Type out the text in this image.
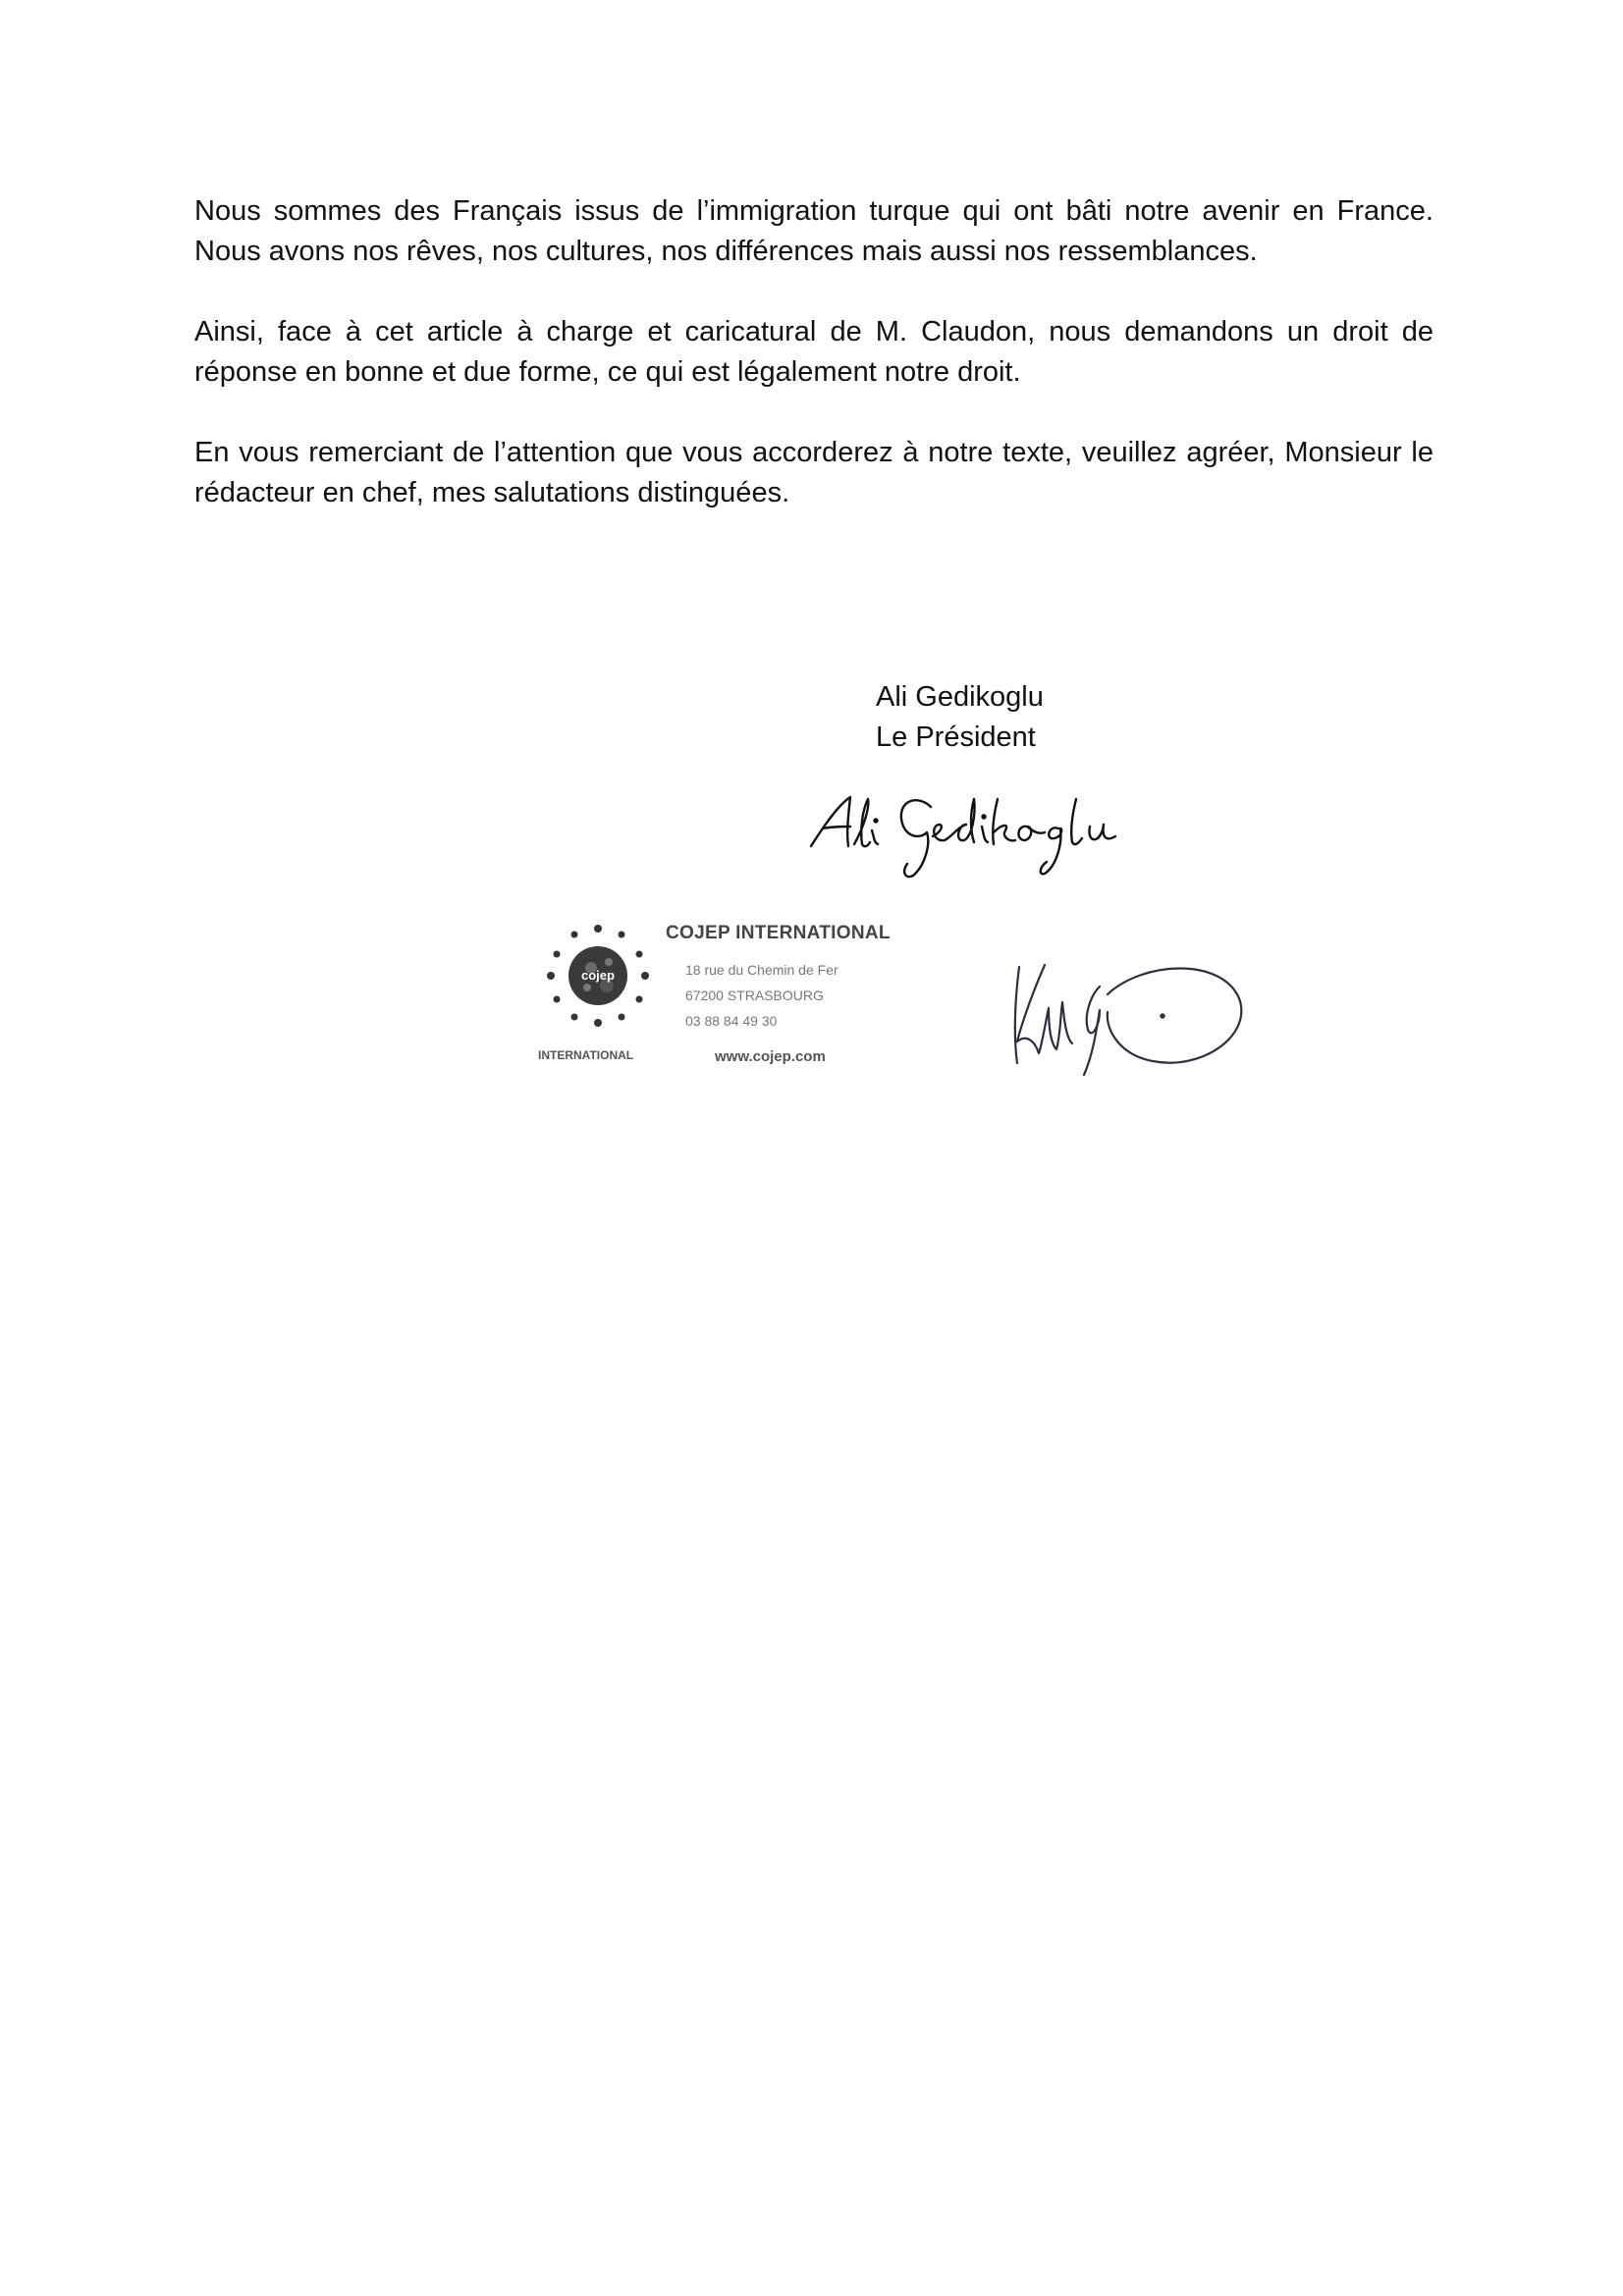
Nous sommes des Français issus de l’immigration turque qui ont bâti notre avenir en France. Nous avons nos rêves, nos cultures, nos différences mais aussi nos ressemblances.

Ainsi, face à cet article à charge et caricatural de M. Claudon, nous demandons un droit de réponse en bonne et due forme, ce qui est légalement notre droit.

En vous remerciant de l’attention que vous accorderez à notre texte, veuillez agréer, Monsieur le rédacteur en chef, mes salutations distinguées.

Ali Gedikoglu
Le Président
cojep
INTERNATIONAL
COJEP INTERNATIONAL
18 rue du Chemin de Fer
67200 STRASBOURG
03 88 84 49 30
www.cojep.com
